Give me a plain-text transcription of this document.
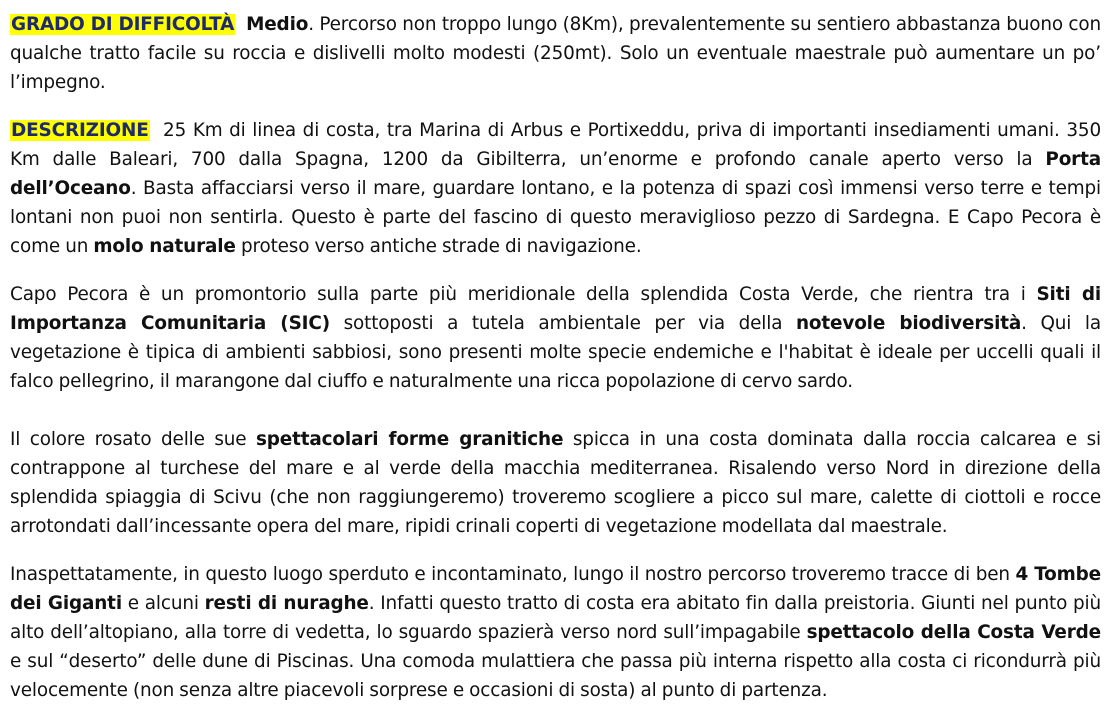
GRADO DI DIFFICOLTÀ Medio. Percorso non troppo lungo (8Km), prevalentemente su sentiero abbastanza buono con qualche tratto facile su roccia e dislivelli molto modesti (250mt). Solo un eventuale maestrale può aumentare un po’ l’impegno.

DESCRIZIONE 25 Km di linea di costa, tra Marina di Arbus e Portixeddu, priva di importanti insediamenti umani. 350 Km dalle Baleari, 700 dalla Spagna, 1200 da Gibilterra, un’enorme e profondo canale aperto verso la Porta dell’Oceano. Basta affacciarsi verso il mare, guardare lontano, e la potenza di spazi così immensi verso terre e tempi lontani non puoi non sentirla. Questo è parte del fascino di questo meraviglioso pezzo di Sardegna. E Capo Pecora è come un molo naturale proteso verso antiche strade di navigazione.

Capo Pecora è un promontorio sulla parte più meridionale della splendida Costa Verde, che rientra tra i Siti di Importanza Comunitaria (SIC) sottoposti a tutela ambientale per via della notevole biodiversità. Qui la vegetazione è tipica di ambienti sabbiosi, sono presenti molte specie endemiche e l'habitat è ideale per uccelli quali il falco pellegrino, il marangone dal ciuffo e naturalmente una ricca popolazione di cervo sardo.

Il colore rosato delle sue spettacolari forme granitiche spicca in una costa dominata dalla roccia calcarea e si contrappone al turchese del mare e al verde della macchia mediterranea. Risalendo verso Nord in direzione della splendida spiaggia di Scivu (che non raggiungeremo) troveremo scogliere a picco sul mare, calette di ciottoli e rocce arrotondati dall’incessante opera del mare, ripidi crinali coperti di vegetazione modellata dal maestrale.

Inaspettatamente, in questo luogo sperduto e incontaminato, lungo il nostro percorso troveremo tracce di ben 4 Tombe dei Giganti e alcuni resti di nuraghe. Infatti questo tratto di costa era abitato fin dalla preistoria. Giunti nel punto più alto dell’altopiano, alla torre di vedetta, lo sguardo spazierà verso nord sull’impagabile spettacolo della Costa Verde e sul “deserto” delle dune di Piscinas. Una comoda mulattiera che passa più interna rispetto alla costa ci ricondurrà più velocemente (non senza altre piacevoli sorprese e occasioni di sosta) al punto di partenza.
